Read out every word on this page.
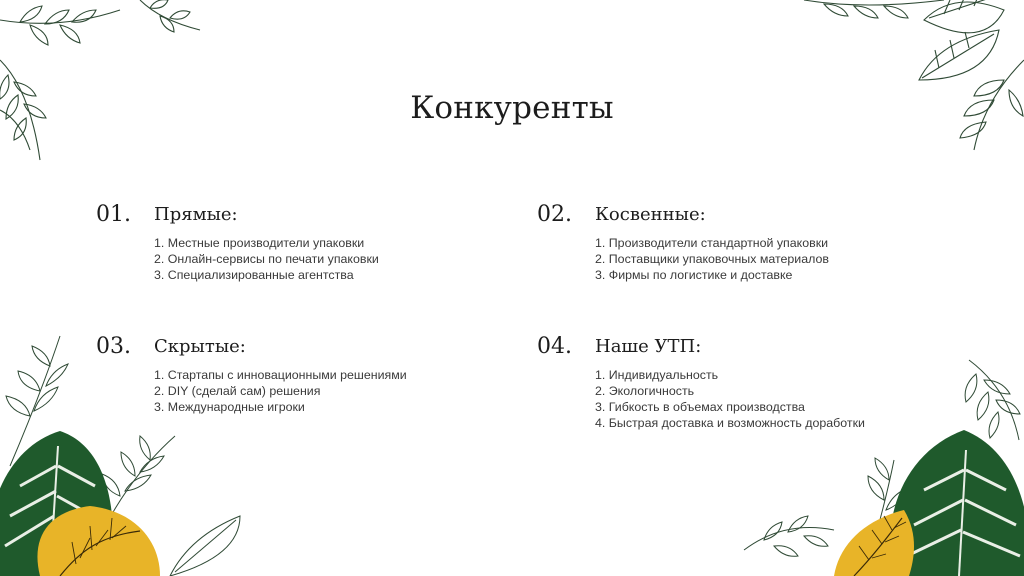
Конкуренты
01. Прямые:
1. Местные производители упаковки
2. Онлайн-сервисы по печати упаковки
3. Специализированные агентства
02. Косвенные:
1. Производители стандартной упаковки
2. Поставщики упаковочных материалов
3. Фирмы по логистике и доставке
03. Скрытые:
1. Стартапы с инновационными решениями
2. DIY (сделай сам) решения
3. Международные игроки
04. Наше УТП:
1. Индивидуальность
2. Экологичность
3. Гибкость в объемах производства
4. Быстрая доставка и возможность доработки
